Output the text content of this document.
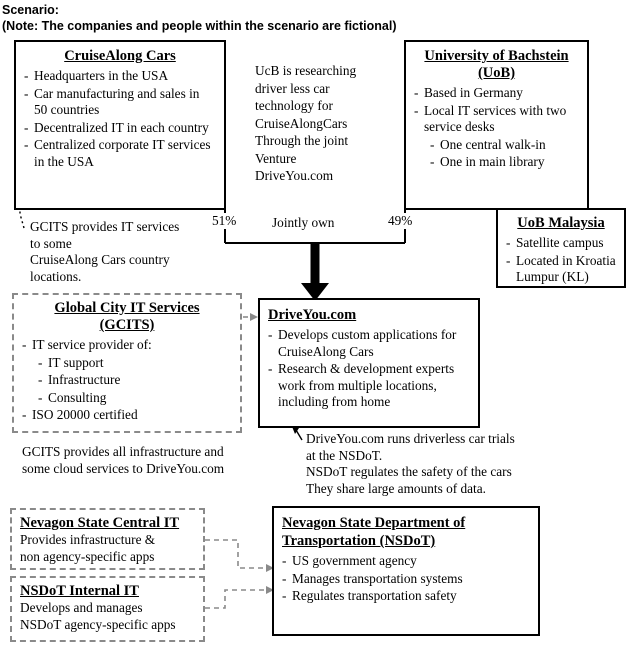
Scenario:
(Note: The companies and people within the scenario are fictional)
CruiseAlong Cars
- Headquarters in the USA
- Car manufacturing and sales in 50 countries
- Decentralized IT in each country
- Centralized corporate IT services in the USA
UcB is researching
driver less car
technology for
CruiseAlongCars
Through the joint
Venture
DriveYou.com
University of Bachstein
(UoB)
- Based in Germany
- Local IT services with two service desks
- One central walk-in
- One in main library
UoB Malaysia
- Satellite campus
- Located in Kroatia Lumpur (KL)
51%	Jointly own	49%
GCITS provides IT services
to some
CruiseAlong Cars country
locations.
Global City IT Services
(GCITS)
- IT service provider of:
- IT support
- Infrastructure
- Consulting
- ISO 20000 certified
DriveYou.com
- Develops custom applications for CruiseAlong Cars
- Research & development experts work from multiple locations, including from home
GCITS provides all infrastructure and
some cloud services to DriveYou.com
DriveYou.com runs driverless car trials
at the NSDoT.
NSDoT regulates the safety of the cars
They share large amounts of data.
Nevagon State Central IT
Provides infrastructure &
non agency-specific apps
NSDoT Internal IT
Develops and manages
NSDoT agency-specific apps
Nevagon State Department of
Transportation (NSDoT)
- US government agency
- Manages transportation systems
- Regulates transportation safety
